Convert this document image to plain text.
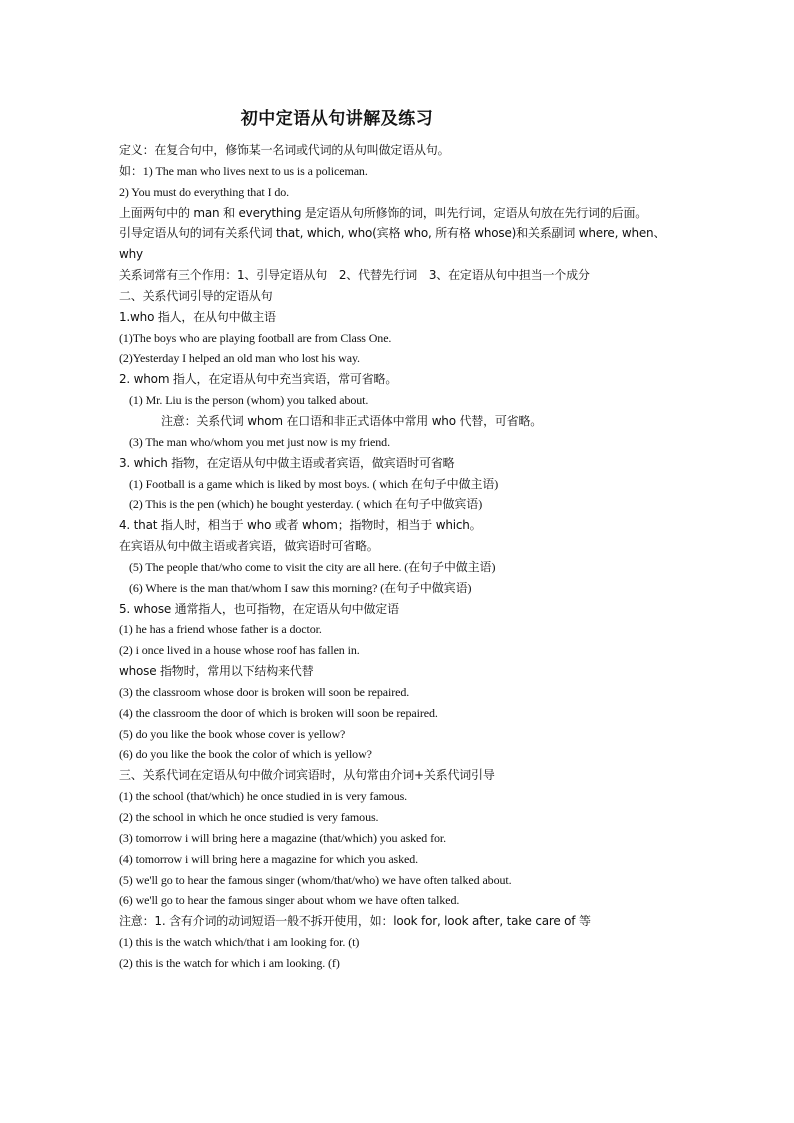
初中定语从句讲解及练习
定义：在复合句中，修饰某一名词或代词的从句叫做定语从句。
如：1) The man who lives next to us is a policeman.
2) You must do everything that I do.
上面两句中的 man 和 everything 是定语从句所修饰的词，叫先行词，定语从句放在先行词的后面。
引导定语从句的词有关系代词 that, which, who(宾格 who, 所有格 whose)和关系副词 where, when、why
关系词常有三个作用：1、引导定语从句　2、代替先行词　3、在定语从句中担当一个成分
二、关系代词引导的定语从句
1.who 指人，在从句中做主语
(1)The boys who are playing football are from Class One.
(2)Yesterday I helped an old man who lost his way.
2. whom 指人，在定语从句中充当宾语，常可省略。
(1) Mr. Liu is the person (whom) you talked about.
注意：关系代词 whom 在口语和非正式语体中常用 who 代替，可省略。
(3) The man who/whom you met just now is my friend.
3. which 指物，在定语从句中做主语或者宾语，做宾语时可省略
(1) Football is a game which is liked by most boys. ( which 在句子中做主语)
(2) This is the pen (which) he bought yesterday. ( which 在句子中做宾语)
4. that 指人时，相当于 who 或者 whom；指物时，相当于 which。
在宾语从句中做主语或者宾语，做宾语时可省略。
(5) The people that/who come to visit the city are all here. (在句子中做主语)
(6) Where is the man that/whom I saw this morning? (在句子中做宾语)
5. whose 通常指人，也可指物，在定语从句中做定语
(1) he has a friend whose father is a doctor.
(2) i once lived in a house whose roof has fallen in.
whose 指物时，常用以下结构来代替
(3) the classroom whose door is broken will soon be repaired.
(4) the classroom the door of which is broken will soon be repaired.
(5) do you like the book whose cover is yellow?
(6) do you like the book the color of which is yellow?
三、关系代词在定语从句中做介词宾语时，从句常由介词+关系代词引导
(1) the school (that/which) he once studied in is very famous.
(2) the school in which he once studied is very famous.
(3) tomorrow i will bring here a magazine (that/which) you asked for.
(4) tomorrow i will bring here a magazine for which you asked.
(5) we'll go to hear the famous singer (whom/that/who) we have often talked about.
(6) we'll go to hear the famous singer about whom we have often talked.
注意：1. 含有介词的动词短语一般不拆开使用，如：look for, look after, take care of 等
(1) this is the watch which/that i am looking for. (t)
(2) this is the watch for which i am looking. (f)
